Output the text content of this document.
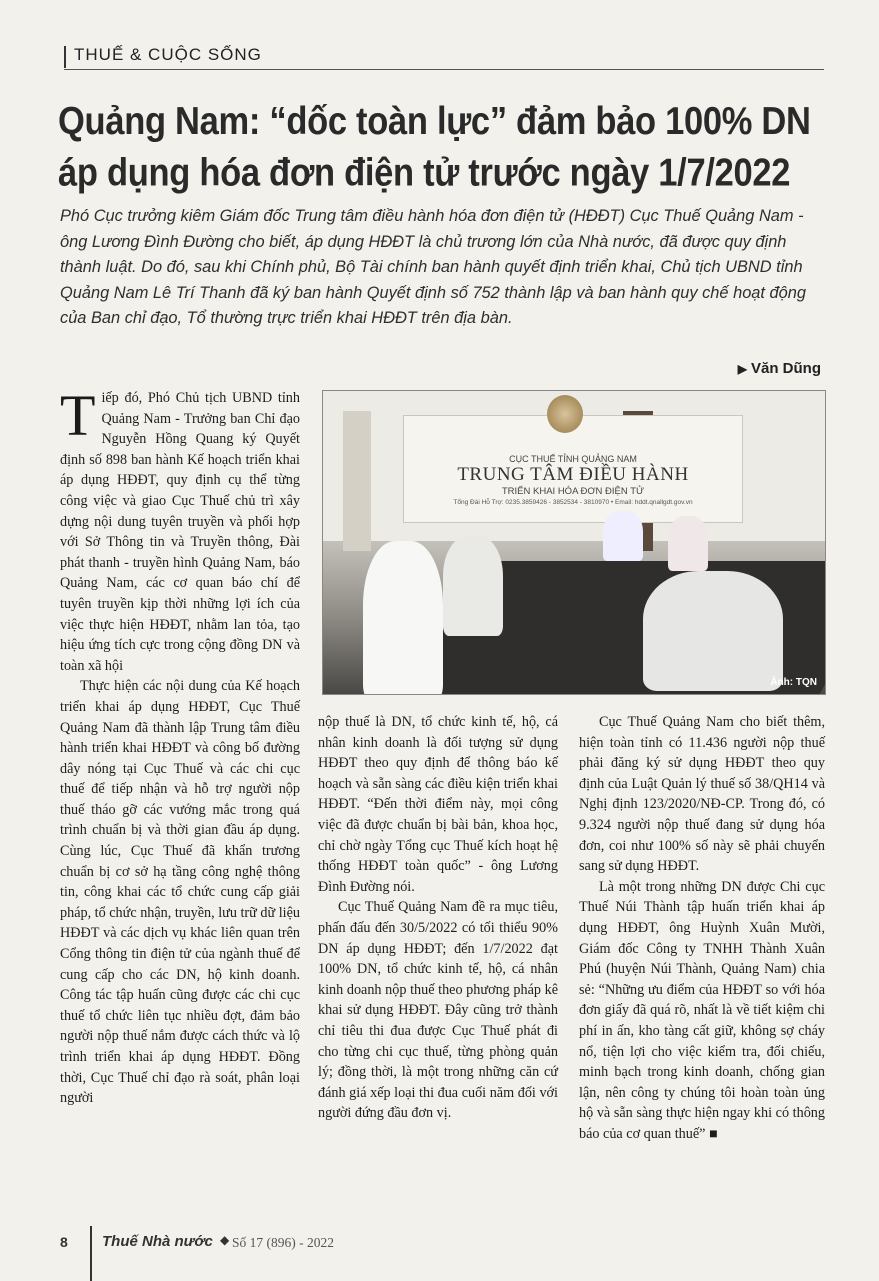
THUẾ & CUỘC SỐNG
Quảng Nam: “dốc toàn lực” đảm bảo 100% DN áp dụng hóa đơn điện tử trước ngày 1/7/2022
Phó Cục trưởng kiêm Giám đốc Trung tâm điều hành hóa đơn điện tử (HĐĐT) Cục Thuế Quảng Nam - ông Lương Đình Đường cho biết, áp dụng HĐĐT là chủ trương lớn của Nhà nước, đã được quy định thành luật. Do đó, sau khi Chính phủ, Bộ Tài chính ban hành quyết định triển khai, Chủ tịch UBND tỉnh Quảng Nam Lê Trí Thanh đã ký ban hành Quyết định số 752 thành lập và ban hành quy chế hoạt động của Ban chỉ đạo, Tổ thường trực triển khai HĐĐT trên địa bàn.
▶ Văn Dũng

Tiếp đó, Phó Chủ tịch UBND tỉnh Quảng Nam - Trưởng ban Chỉ đạo Nguyễn Hồng Quang ký Quyết định số 898 ban hành Kế hoạch triển khai áp dụng HĐĐT, quy định cụ thể từng công việc và giao Cục Thuế chủ trì xây dựng nội dung tuyên truyền và phối hợp với Sở Thông tin và Truyền thông, Đài phát thanh - truyền hình Quảng Nam, báo Quảng Nam, các cơ quan báo chí để tuyên truyền kịp thời những lợi ích của việc thực hiện HĐĐT, nhằm lan tỏa, tạo hiệu ứng tích cực trong cộng đồng DN và toàn xã hội

Thực hiện các nội dung của Kế hoạch triển khai áp dụng HĐĐT, Cục Thuế Quảng Nam đã thành lập Trung tâm điều hành triển khai HĐĐT và công bố đường dây nóng tại Cục Thuế và các chi cục thuế để tiếp nhận và hỗ trợ người nộp thuế tháo gỡ các vướng mắc trong quá trình chuẩn bị và thời gian đầu áp dụng. Cùng lúc, Cục Thuế đã khẩn trương chuẩn bị cơ sở hạ tầng công nghệ thông tin, công khai các tổ chức cung cấp giải pháp, tổ chức nhận, truyền, lưu trữ dữ liệu HĐĐT và các dịch vụ khác liên quan trên Cổng thông tin điện tử của ngành thuế để cung cấp cho các DN, hộ kinh doanh. Công tác tập huấn cũng được các chi cục thuế tổ chức liên tục nhiều đợt, đảm bảo người nộp thuế nắm được cách thức và lộ trình triển khai áp dụng HĐĐT. Đồng thời, Cục Thuế chỉ đạo rà soát, phân loại người

CỤC THUẾ TỈNH QUẢNG NAM
TRUNG TÂM ĐIỀU HÀNH
TRIỂN KHAI HÓA ĐƠN ĐIỆN TỬ
Tổng Đài Hỗ Trợ: 0235.3859426 - 3852534 - 3810970 • Email: hddt.qnallgdt.gov.vn
Ảnh: TQN

nộp thuế là DN, tổ chức kinh tế, hộ, cá nhân kinh doanh là đối tượng sử dụng HĐĐT theo quy định để thông báo kế hoạch và sẵn sàng các điều kiện triển khai HĐĐT. “Đến thời điểm này, mọi công việc đã được chuẩn bị bài bản, khoa học, chỉ chờ ngày Tổng cục Thuế kích hoạt hệ thống HĐĐT toàn quốc” - ông Lương Đình Đường nói.

Cục Thuế Quảng Nam đề ra mục tiêu, phấn đấu đến 30/5/2022 có tối thiểu 90% DN áp dụng HĐĐT; đến 1/7/2022 đạt 100% DN, tổ chức kinh tế, hộ, cá nhân kinh doanh nộp thuế theo phương pháp kê khai sử dụng HĐĐT. Đây cũng trở thành chỉ tiêu thi đua được Cục Thuế phát đi cho từng chi cục thuế, từng phòng quản lý; đồng thời, là một trong những căn cứ đánh giá xếp loại thi đua cuối năm đối với người đứng đầu đơn vị.

Cục Thuế Quảng Nam cho biết thêm, hiện toàn tỉnh có 11.436 người nộp thuế phải đăng ký sử dụng HĐĐT theo quy định của Luật Quản lý thuế số 38/QH14 và Nghị định 123/2020/NĐ-CP. Trong đó, có 9.324 người nộp thuế đang sử dụng hóa đơn, coi như 100% số này sẽ phải chuyển sang sử dụng HĐĐT.

Là một trong những DN được Chi cục Thuế Núi Thành tập huấn triển khai áp dụng HĐĐT, ông Huỳnh Xuân Mười, Giám đốc Công ty TNHH Thành Xuân Phú (huyện Núi Thành, Quảng Nam) chia sẻ: “Những ưu điểm của HĐĐT so với hóa đơn giấy đã quá rõ, nhất là về tiết kiệm chi phí in ấn, kho tàng cất giữ, không sợ cháy nổ, tiện lợi cho việc kiểm tra, đối chiếu, minh bạch trong kinh doanh, chống gian lận, nên công ty chúng tôi hoàn toàn ủng hộ và sẵn sàng thực hiện ngay khi có thông báo của cơ quan thuế” ■

8 Thuế Nhà nước ◆ Số 17 (896) - 2022
